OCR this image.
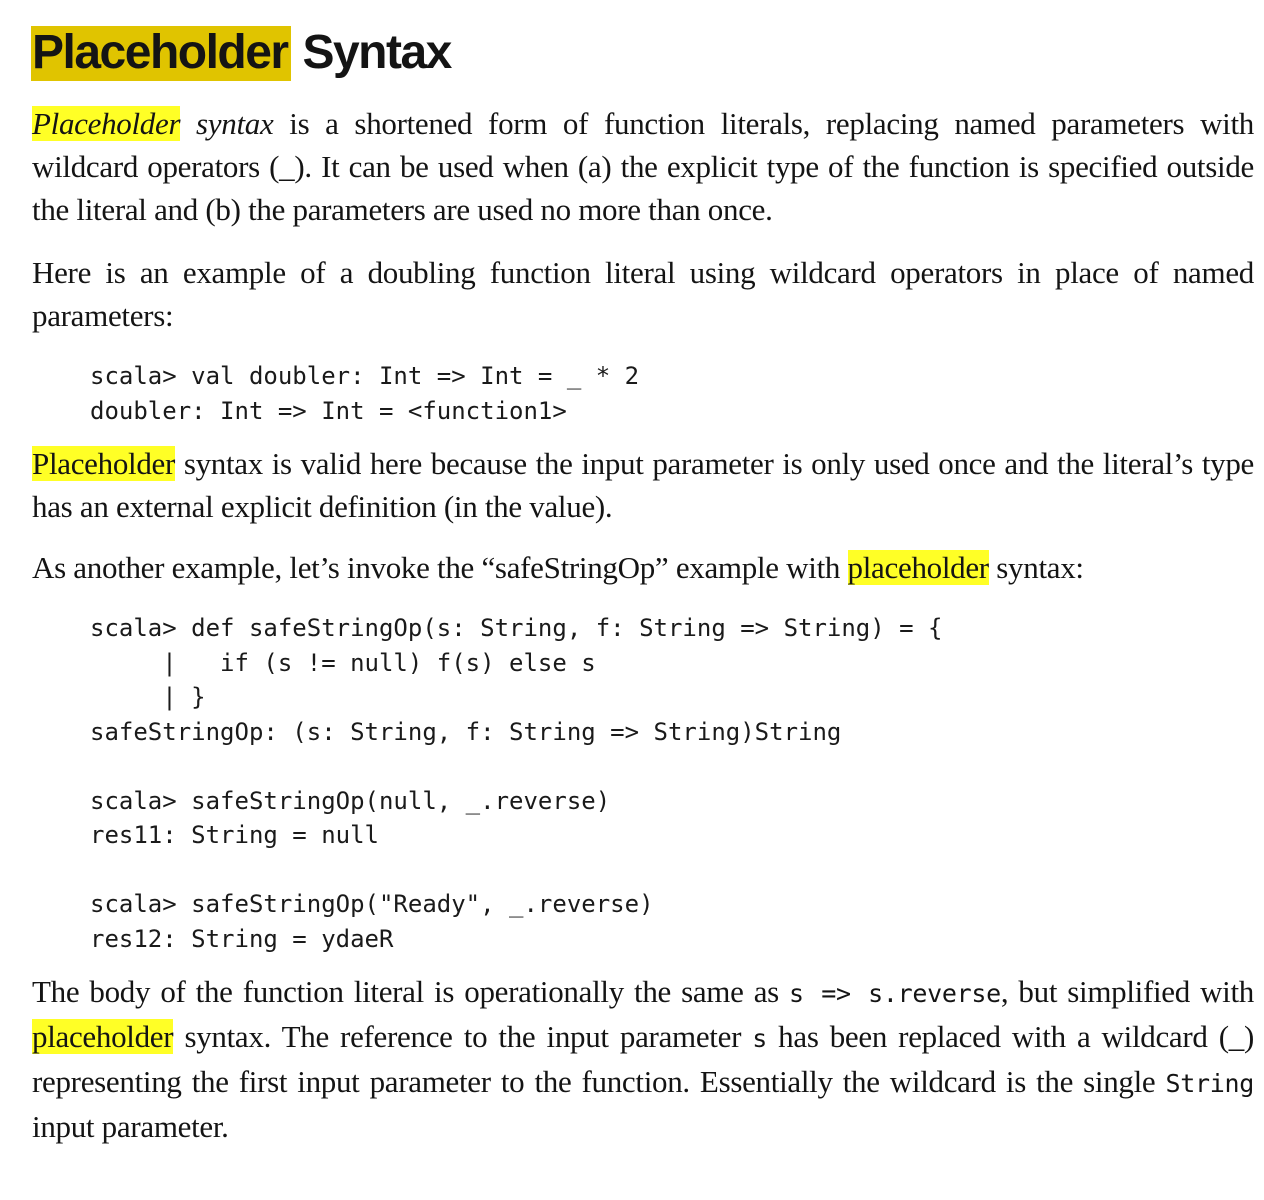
Placeholder Syntax

Placeholder syntax is a shortened form of function literals, replacing named parameters with wildcard operators (_). It can be used when (a) the explicit type of the function is specified outside the literal and (b) the parameters are used no more than once.

Here is an example of a doubling function literal using wildcard operators in place of named parameters:

scala> val doubler: Int => Int = _ * 2
doubler: Int => Int = <function1>

Placeholder syntax is valid here because the input parameter is only used once and the literal’s type has an external explicit definition (in the value).

As another example, let’s invoke the “safeStringOp” example with placeholder syntax:

scala> def safeStringOp(s: String, f: String => String) = {
|   if (s != null) f(s) else s
| }
safeStringOp: (s: String, f: String => String)String

scala> safeStringOp(null, _.reverse)
res11: String = null

scala> safeStringOp("Ready", _.reverse)
res12: String = ydaeR

The body of the function literal is operationally the same as s => s.reverse, but simplified with placeholder syntax. The reference to the input parameter s has been replaced with a wildcard (_) representing the first input parameter to the function. Essentially the wildcard is the single String input parameter.
